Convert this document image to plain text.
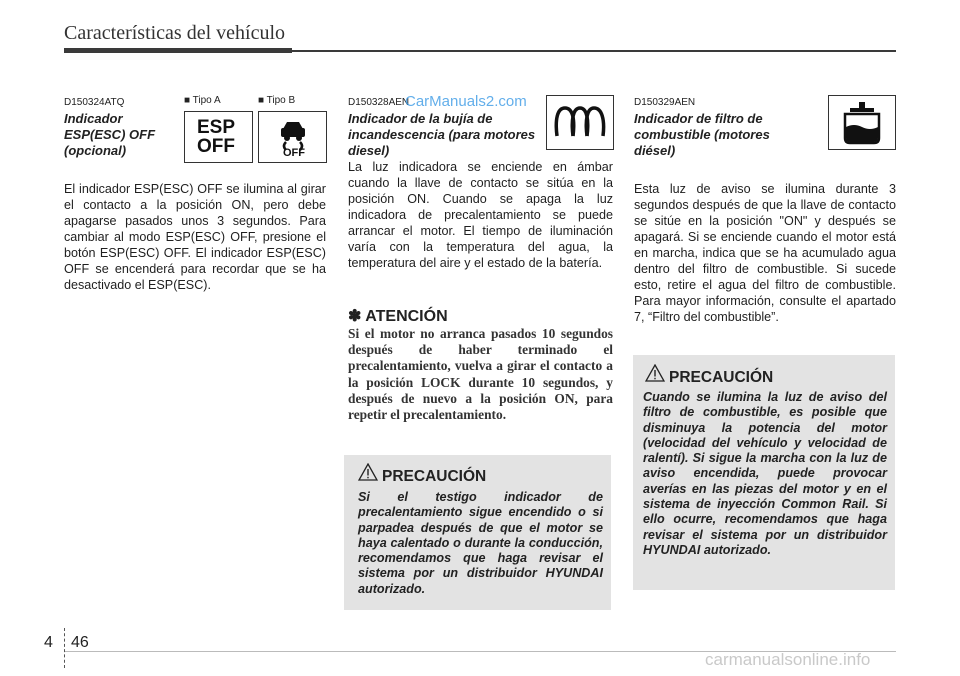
Características del vehículo
D150324ATQ
Indicador ESP(ESC) OFF (opcional)
■ Tipo A	■ Tipo B
ESP
OFF	OFF
El indicador ESP(ESC) OFF se ilumina al girar el contacto a la posición ON, pero debe apagarse pasados unos 3 segundos. Para cambiar al modo ESP(ESC) OFF, presione el botón ESP(ESC) OFF. El indicador ESP(ESC) OFF se encenderá para recordar que se ha desactivado el ESP(ESC).
D150328AEN
Indicador de la bujía de incandescencia (para motores diesel)
La luz indicadora se enciende en ámbar cuando la llave de contacto se sitúa en la posición ON. Cuando se apaga la luz indicadora de precalentamiento se puede arrancar el motor. El tiempo de iluminación varía con la temperatura del agua, la temperatura del aire y el estado de la batería.
✽ ATENCIÓN
Si el motor no arranca pasados 10 segundos después de haber terminado el precalentamiento, vuelva a girar el contacto a la posición LOCK durante 10 segundos, y después de nuevo a la posición ON, para repetir el precalentamiento.
PRECAUCIÓN
Si el testigo indicador de precalentamiento sigue encendido o si parpadea después de que el motor se haya calentado o durante la conducción, recomendamos que haga revisar el sistema por un distribuidor HYUNDAI autorizado.
D150329AEN
Indicador de filtro de combustible (motores diésel)
Esta luz de aviso se ilumina durante 3 segundos después de que la llave de contacto se sitúe en la posición "ON" y después se apagará. Si se enciende cuando el motor está en marcha, indica que se ha acumulado agua dentro del filtro de combustible. Si sucede esto, retire el agua del filtro de combustible. Para mayor información, consulte el apartado 7, “Filtro del combustible”.
PRECAUCIÓN
Cuando se ilumina la luz de aviso del filtro de combustible, es posible que disminuya la potencia del motor (velocidad del vehículo y velocidad de ralentí). Si sigue la marcha con la luz de aviso encendida, puede provocar averías en las piezas del motor y en el sistema de inyección Common Rail. Si ello ocurre, recomendamos que haga revisar el sistema por un distribuidor HYUNDAI autorizado.
4 46
CarManuals2.com
carmanualsonline.info
